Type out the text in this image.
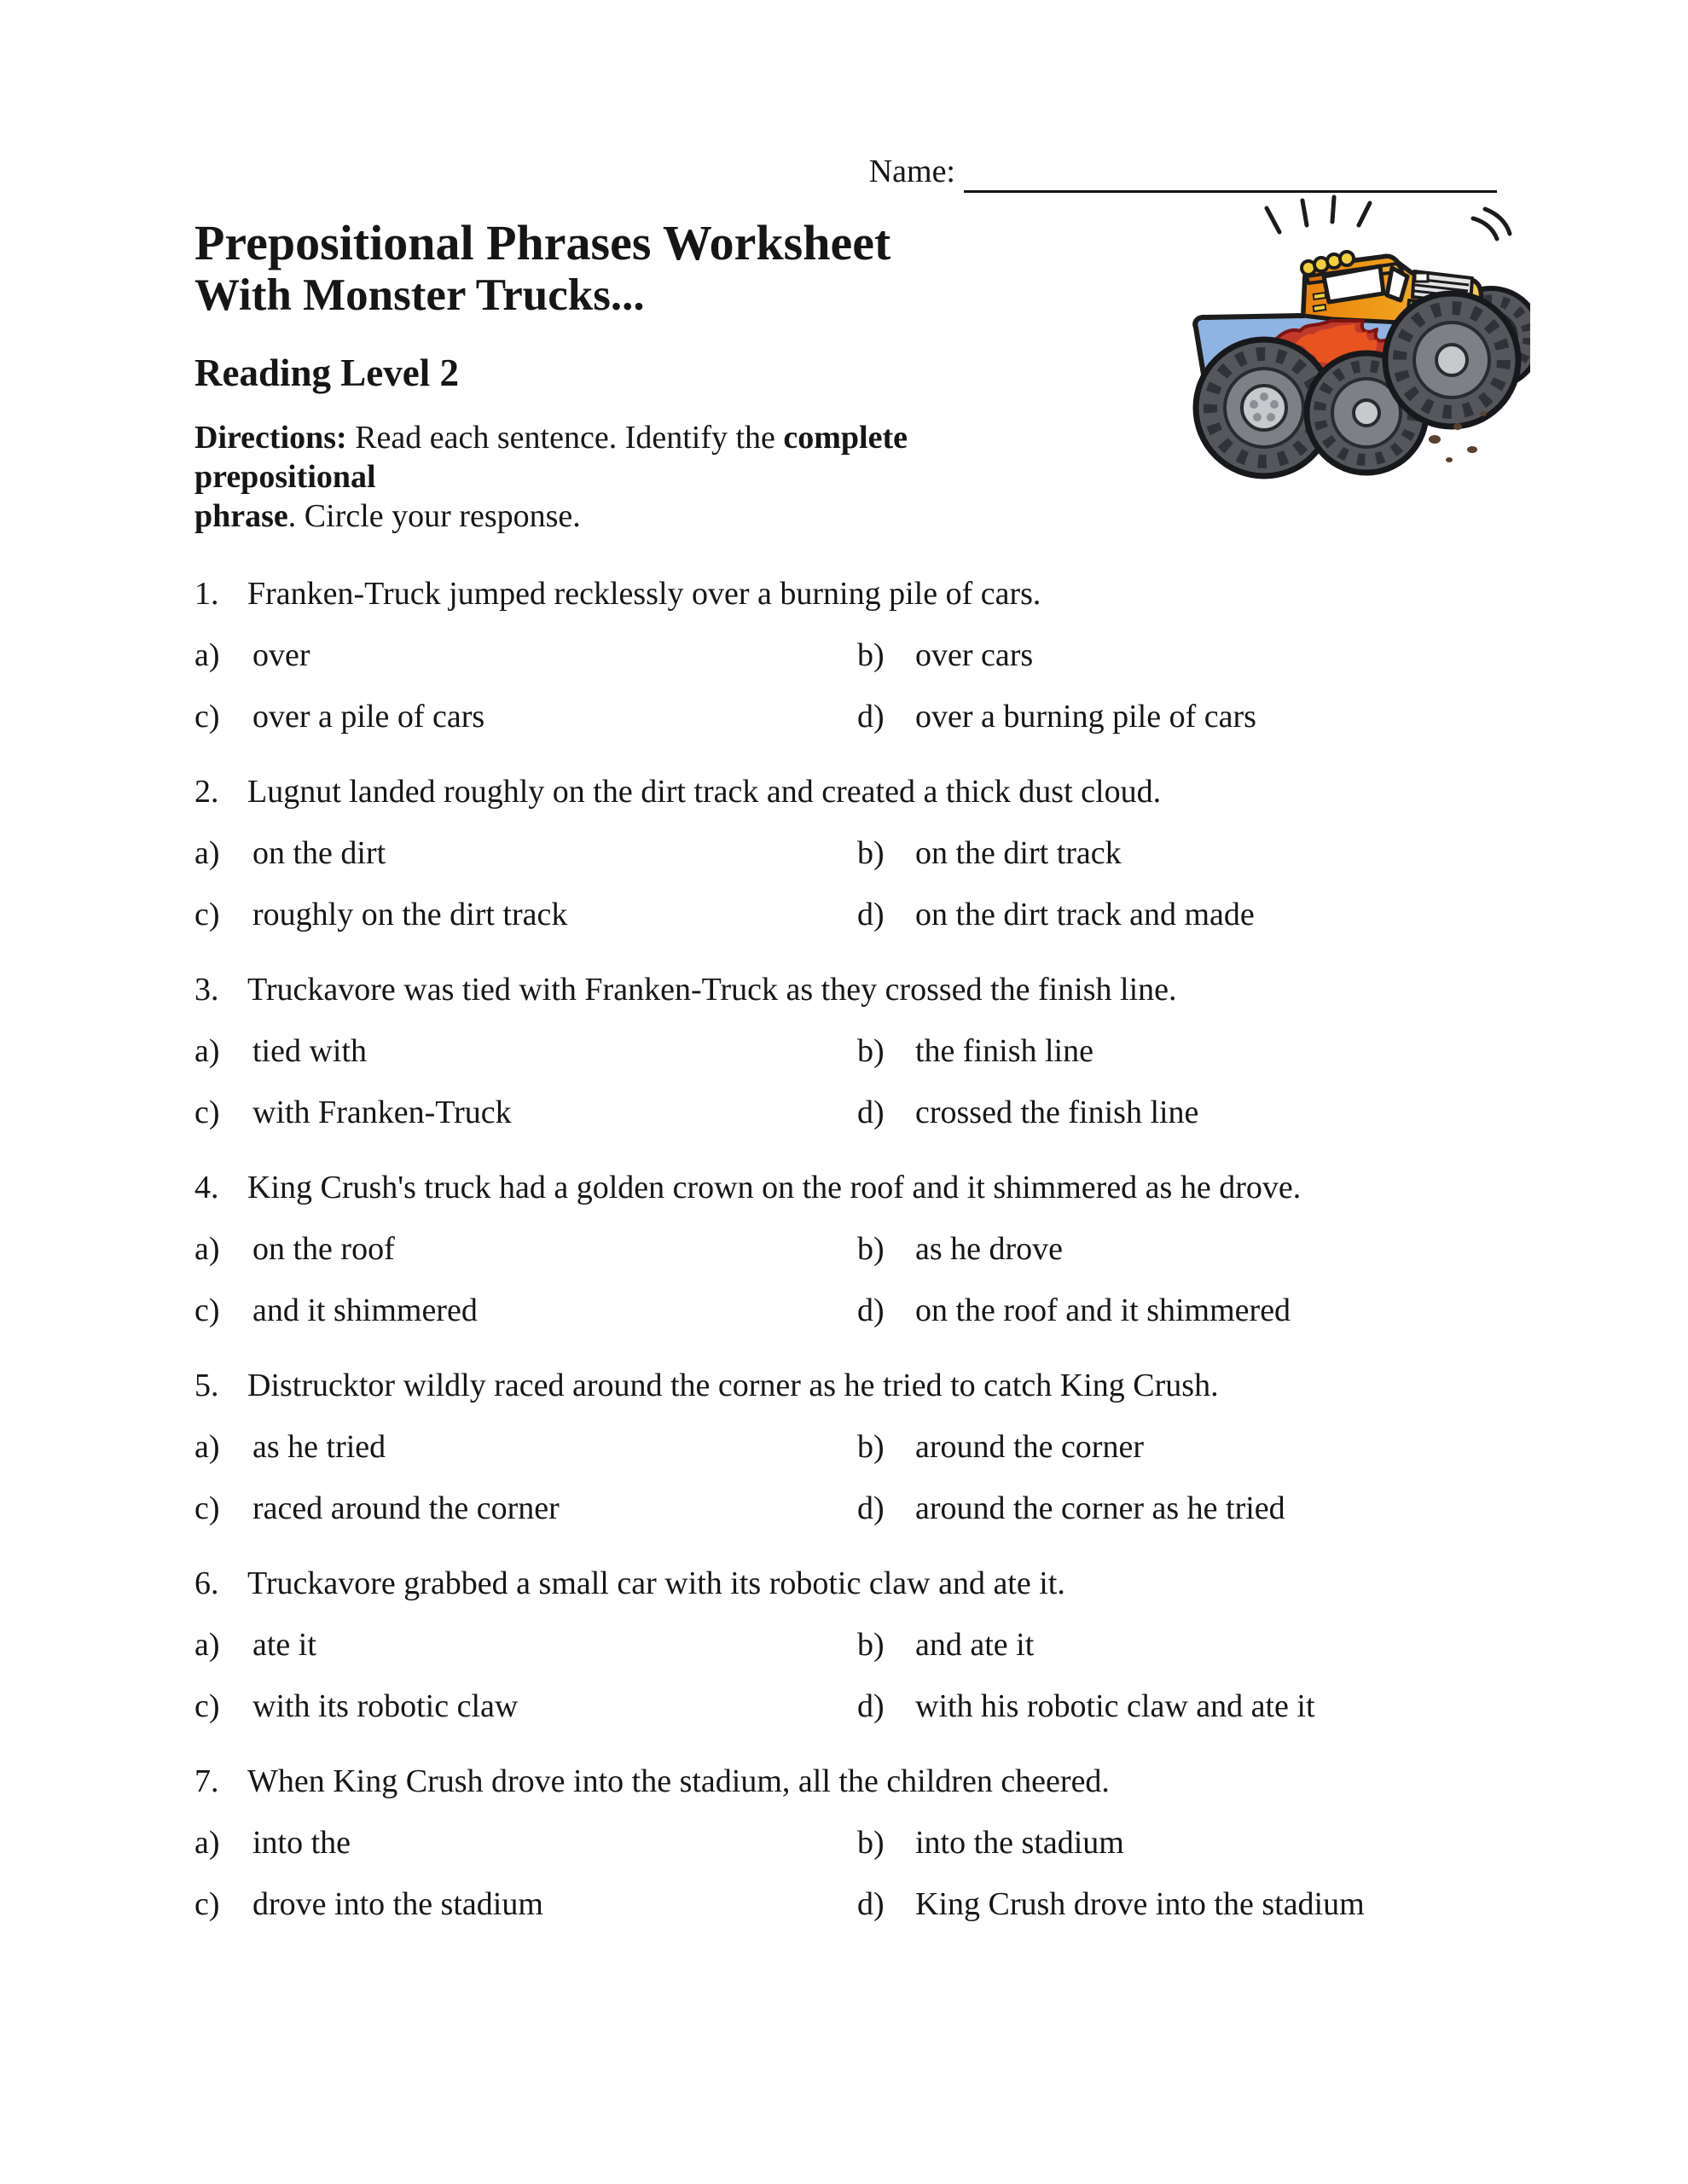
Name:
Prepositional Phrases Worksheet
With Monster Trucks...
Reading Level 2

Directions: Read each sentence. Identify the complete prepositional
phrase. Circle your response.

1. Franken-Truck jumped recklessly over a burning pile of cars.
a)	over	b) over cars
c)	over a pile of cars	d) over a burning pile of cars
2. Lugnut landed roughly on the dirt track and created a thick dust cloud.
a)	on the dirt	b) on the dirt track
c)	roughly on the dirt track	d) on the dirt track and made
3. Truckavore was tied with Franken-Truck as they crossed the finish line.
a)	tied with	b) the finish line
c)	with Franken-Truck	d) crossed the finish line
4. King Crush's truck had a golden crown on the roof and it shimmered as he drove.
a)	on the roof	b) as he drove
c)	and it shimmered	d) on the roof and it shimmered
5. Distrucktor wildly raced around the corner as he tried to catch King Crush.
a)	as he tried	b) around the corner
c)	raced around the corner	d) around the corner as he tried
6. Truckavore grabbed a small car with its robotic claw and ate it.
a)	ate it	b) and ate it
c)	with its robotic claw	d) with his robotic claw and ate it
7. When King Crush drove into the stadium, all the children cheered.
a)	into the	b) into the stadium
c)	drove into the stadium	d) King Crush drove into the stadium
